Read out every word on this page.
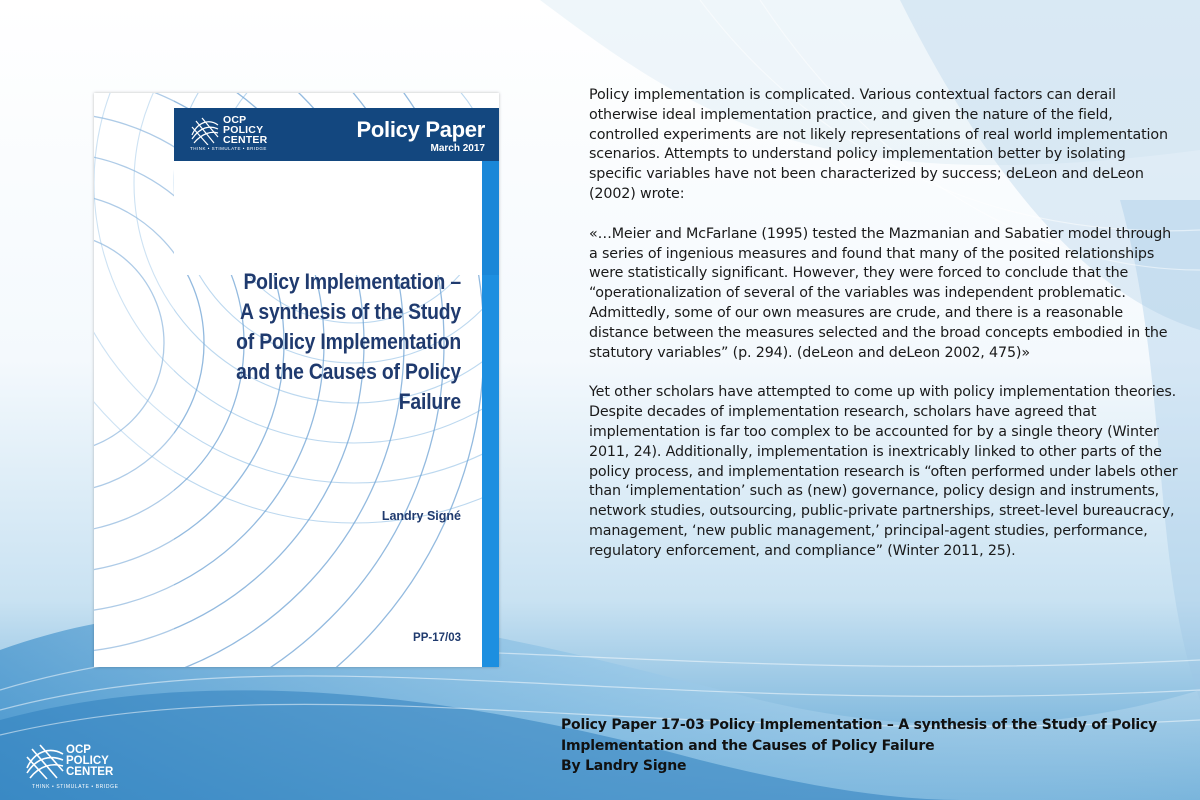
OCP
POLICY
CENTER
THINK • STIMULATE • BRIDGE
Policy Paper
March 2017
Policy Implementation –
A synthesis of the Study
of Policy Implementation
and the Causes of Policy
Failure
Landry Signé
PP-17/03

Policy implementation is complicated. Various contextual factors can derail otherwise ideal implementation practice, and given the nature of the field, controlled experiments are not likely representations of real world implementation scenarios. Attempts to understand policy implementation better by isolating specific variables have not been characterized by success; deLeon and deLeon (2002) wrote:

«…Meier and McFarlane (1995) tested the Mazmanian and Sabatier model through a series of ingenious measures and found that many of the posited relationships were statistically significant. However, they were forced to conclude that the “operationalization of several of the variables was independent problematic. Admittedly, some of our own measures are crude, and there is a reasonable distance between the measures selected and the broad concepts embodied in the statutory variables” (p. 294). (deLeon and deLeon 2002, 475)»

Yet other scholars have attempted to come up with policy implementation theories. Despite decades of implementation research, scholars have agreed that implementation is far too complex to be accounted for by a single theory (Winter 2011, 24). Additionally, implementation is inextricably linked to other parts of the policy process, and implementation research is “often performed under labels other than ‘implementation’ such as (new) governance, policy design and instruments, network studies, outsourcing, public-private partnerships, street-level bureaucracy, management, ‘new public management,’ principal-agent studies, performance, regulatory enforcement, and compliance” (Winter 2011, 25).

Policy Paper 17-03 Policy Implementation – A synthesis of the Study of Policy
Implementation and the Causes of Policy Failure
By Landry Signe
OCP
POLICY
CENTER
THINK • STIMULATE • BRIDGE
